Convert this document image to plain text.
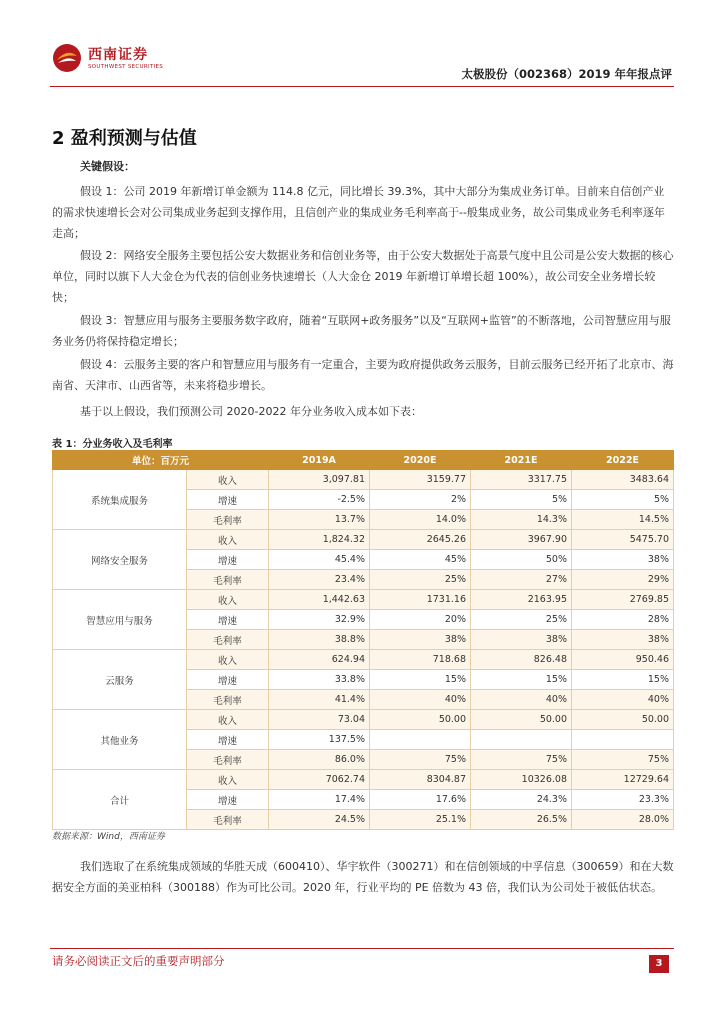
西南证券
SOUTHWEST SECURITIES	太极股份（002368）2019 年年报点评
2 盈利预测与估值
关键假设：

假设 1：公司 2019 年新增订单金额为 114.8 亿元，同比增长 39.3%，其中大部分为集成业务订单。目前来自信创产业的需求快速增长会对公司集成业务起到支撑作用，且信创产业的集成业务毛利率高于--般集成业务，故公司集成业务毛利率逐年走高；

假设 2：网络安全服务主要包括公安大数据业务和信创业务等，由于公安大数据处于高景气度中且公司是公安大数据的核心单位，同时以旗下人大金仓为代表的信创业务快速增长（人大金仓 2019 年新增订单增长超 100%），故公司安全业务增长较快；

假设 3：智慧应用与服务主要服务数字政府，随着“互联网+政务服务”以及“互联网+监管”的不断落地，公司智慧应用与服务业务仍将保持稳定增长；

假设 4：云服务主要的客户和智慧应用与服务有一定重合，主要为政府提供政务云服务，目前云服务已经开拓了北京市、海南省、天津市、山西省等，未来将稳步增长。

基于以上假设，我们预测公司 2020-2022 年分业务收入成本如下表：

表 1：分业务收入及毛利率
单位：百万元		2019A	2020E	2021E	2022E
系统集成服务	收入	3,097.81	3159.77	3317.75	3483.64
	增速	-2.5%	2%	5%	5%
	毛利率	13.7%	14.0%	14.3%	14.5%
网络安全服务	收入	1,824.32	2645.26	3967.90	5475.70
	增速	45.4%	45%	50%	38%
	毛利率	23.4%	25%	27%	29%
智慧应用与服务	收入	1,442.63	1731.16	2163.95	2769.85
	增速	32.9%	20%	25%	28%
	毛利率	38.8%	38%	38%	38%
云服务	收入	624.94	718.68	826.48	950.46
	增速	33.8%	15%	15%	15%
	毛利率	41.4%	40%	40%	40%
其他业务	收入	73.04	50.00	50.00	50.00
	增速	137.5%			
	毛利率	86.0%	75%	75%	75%
合计	收入	7062.74	8304.87	10326.08	12729.64
	增速	17.4%	17.6%	24.3%	23.3%
	毛利率	24.5%	25.1%	26.5%	28.0%
数据来源：Wind，西南证券

我们选取了在系统集成领域的华胜天成（600410）、华宇软件（300271）和在信创领域的中孚信息（300659）和在大数据安全方面的美亚柏科（300188）作为可比公司。2020 年，行业平均的 PE 倍数为 43 倍，我们认为公司处于被低估状态。

请务必阅读正文后的重要声明部分	3
